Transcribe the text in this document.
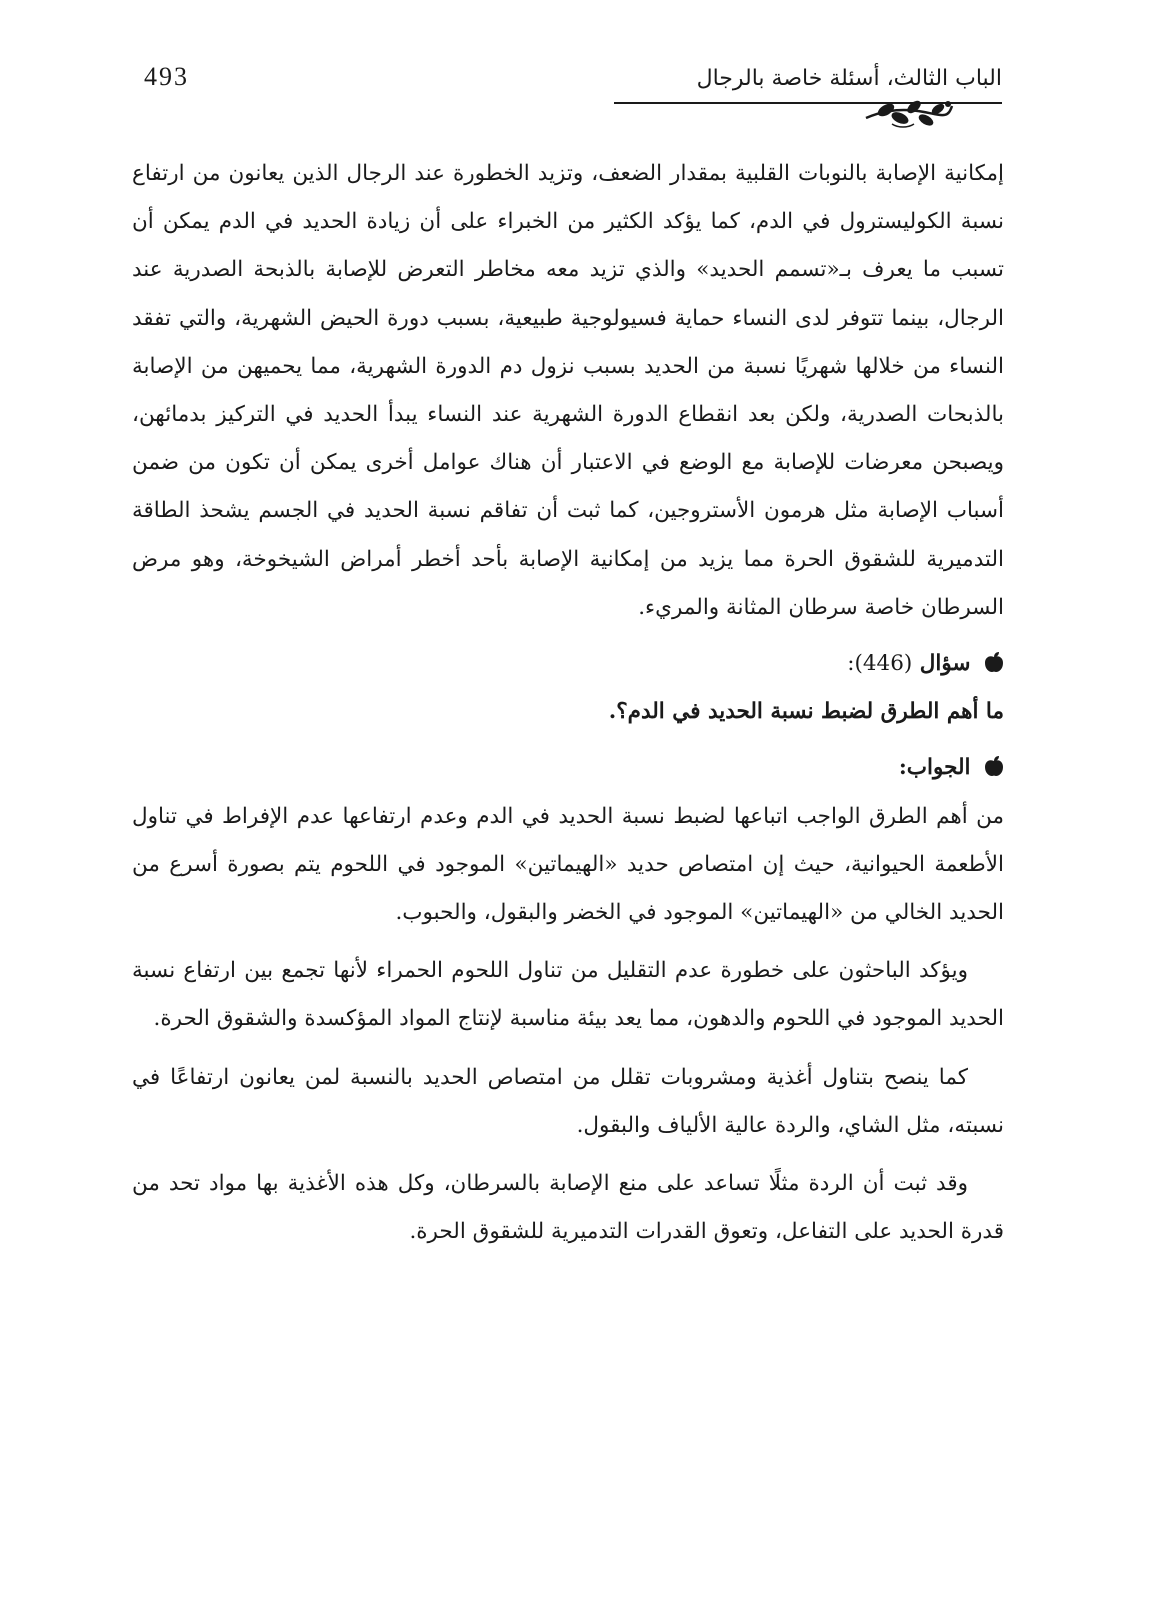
493	الباب الثالث، أسئلة خاصة بالرجال

إمكانية الإصابة بالنوبات القلبية بمقدار الضعف، وتزيد الخطورة عند الرجال الذين يعانون من ارتفاع نسبة الكوليسترول في الدم، كما يؤكد الكثير من الخبراء على أن زيادة الحديد في الدم يمكن أن تسبب ما يعرف بـ«تسمم الحديد» والذي تزيد معه مخاطر التعرض للإصابة بالذبحة الصدرية عند الرجال، بينما تتوفر لدى النساء حماية فسيولوجية طبيعية، بسبب دورة الحيض الشهرية، والتي تفقد النساء من خلالها شهريًا نسبة من الحديد بسبب نزول دم الدورة الشهرية، مما يحميهن من الإصابة بالذبحات الصدرية، ولكن بعد انقطاع الدورة الشهرية عند النساء يبدأ الحديد في التركيز بدمائهن، ويصبحن معرضات للإصابة مع الوضع في الاعتبار أن هناك عوامل أخرى يمكن أن تكون من ضمن أسباب الإصابة مثل هرمون الأستروجين، كما ثبت أن تفاقم نسبة الحديد في الجسم يشحذ الطاقة التدميرية للشقوق الحرة مما يزيد من إمكانية الإصابة بأحد أخطر أمراض الشيخوخة، وهو مرض السرطان خاصة سرطان المثانة والمريء.

سؤال (446):

ما أهم الطرق لضبط نسبة الحديد في الدم؟.

الجواب:

من أهم الطرق الواجب اتباعها لضبط نسبة الحديد في الدم وعدم ارتفاعها عدم الإفراط في تناول الأطعمة الحيوانية، حيث إن امتصاص حديد «الهيماتين» الموجود في اللحوم يتم بصورة أسرع من الحديد الخالي من «الهيماتين» الموجود في الخضر والبقول، والحبوب.

ويؤكد الباحثون على خطورة عدم التقليل من تناول اللحوم الحمراء لأنها تجمع بين ارتفاع نسبة الحديد الموجود في اللحوم والدهون، مما يعد بيئة مناسبة لإنتاج المواد المؤكسدة والشقوق الحرة.

كما ينصح بتناول أغذية ومشروبات تقلل من امتصاص الحديد بالنسبة لمن يعانون ارتفاعًا في نسبته، مثل الشاي، والردة عالية الألياف والبقول.

وقد ثبت أن الردة مثلًا تساعد على منع الإصابة بالسرطان، وكل هذه الأغذية بها مواد تحد من قدرة الحديد على التفاعل، وتعوق القدرات التدميرية للشقوق الحرة.
